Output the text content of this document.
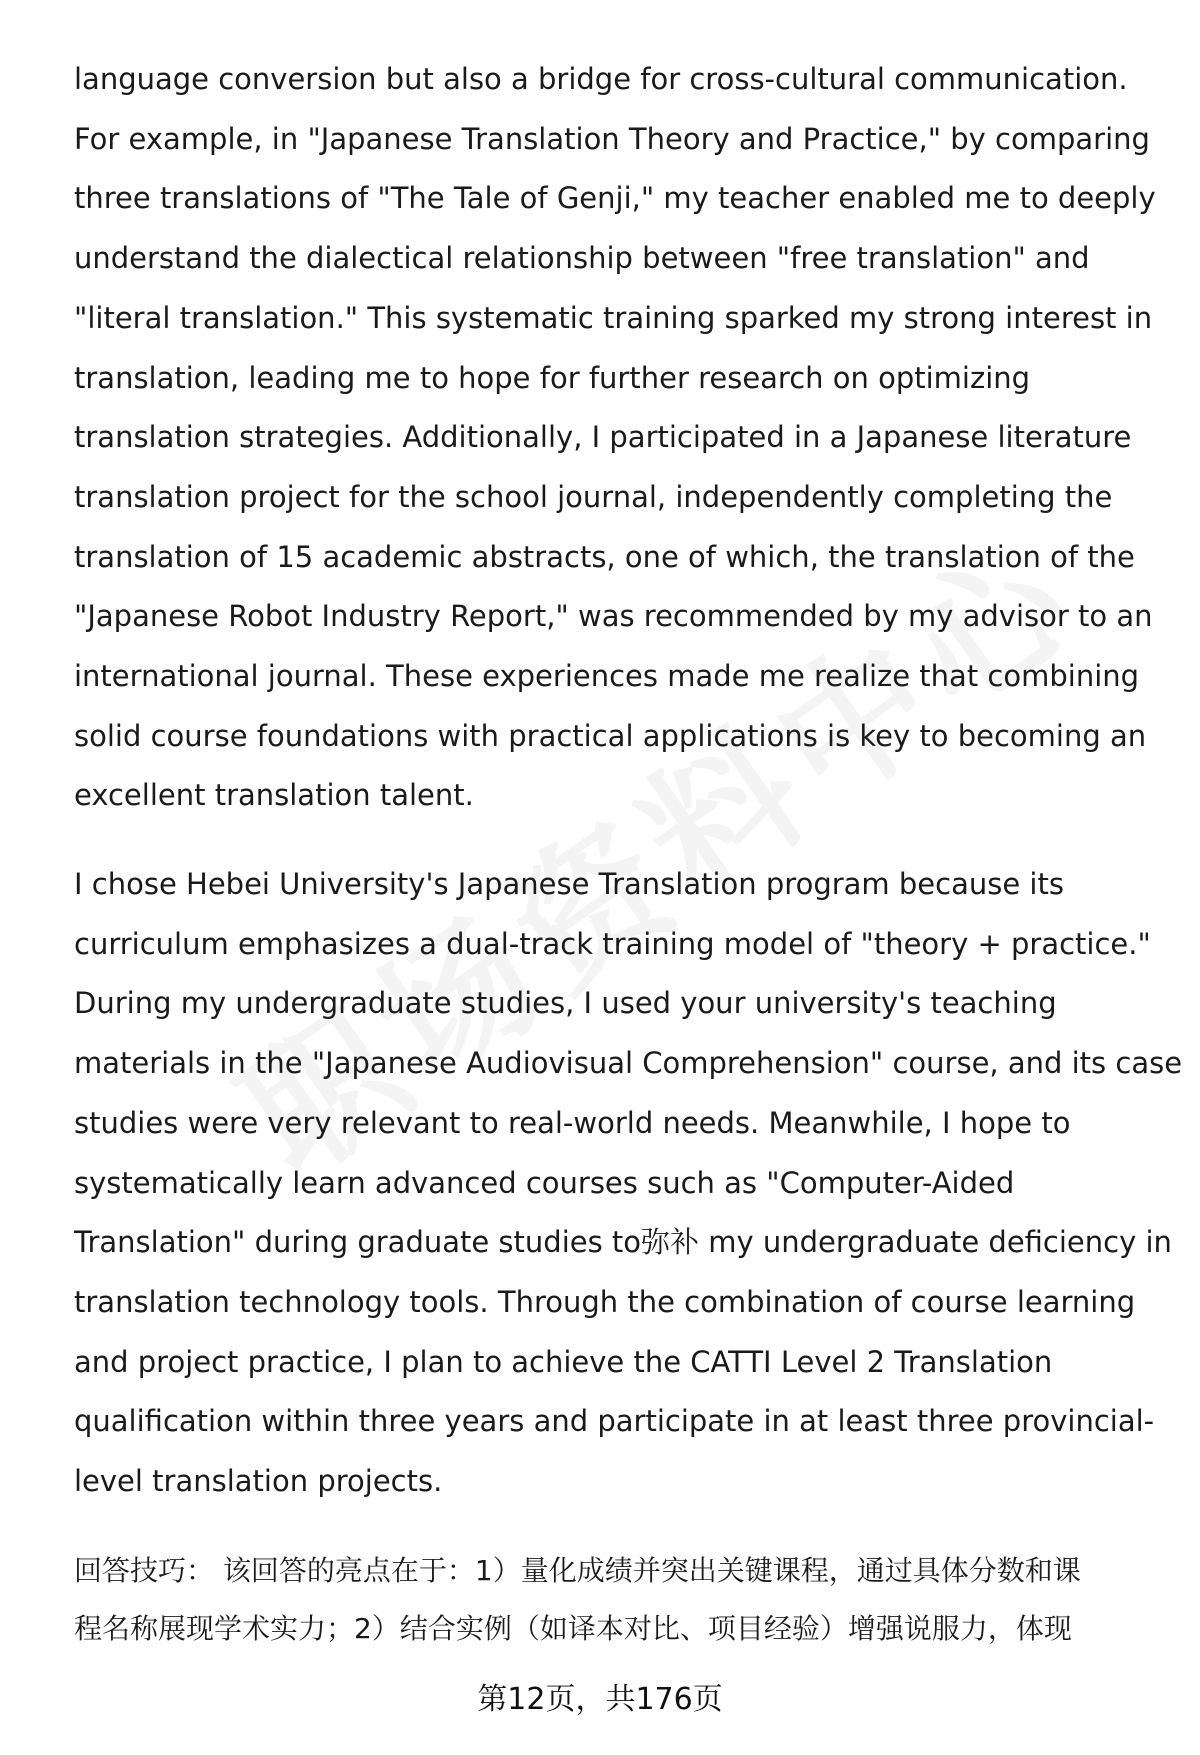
language conversion but also a bridge for cross-cultural communication.
For example, in "Japanese Translation Theory and Practice," by comparing
three translations of "The Tale of Genji," my teacher enabled me to deeply
understand the dialectical relationship between "free translation" and
"literal translation." This systematic training sparked my strong interest in
translation, leading me to hope for further research on optimizing
translation strategies. Additionally, I participated in a Japanese literature
translation project for the school journal, independently completing the
translation of 15 academic abstracts, one of which, the translation of the
"Japanese Robot Industry Report," was recommended by my advisor to an
international journal. These experiences made me realize that combining
solid course foundations with practical applications is key to becoming an
excellent translation talent.
I chose Hebei University's Japanese Translation program because its
curriculum emphasizes a dual-track training model of "theory + practice."
During my undergraduate studies, I used your university's teaching
materials in the "Japanese Audiovisual Comprehension" course, and its case
studies were very relevant to real-world needs. Meanwhile, I hope to
systematically learn advanced courses such as "Computer-Aided
Translation" during graduate studies to弥补 my undergraduate deficiency in
translation technology tools. Through the combination of course learning
and project practice, I plan to achieve the CATTI Level 2 Translation
qualification within three years and participate in at least three provincial-
level translation projects.
回答技巧： 该回答的亮点在于：1）量化成绩并突出关键课程，通过具体分数和课
程名称展现学术实力；2）结合实例（如译本对比、项目经验）增强说服力，体现
第12页，共176页
